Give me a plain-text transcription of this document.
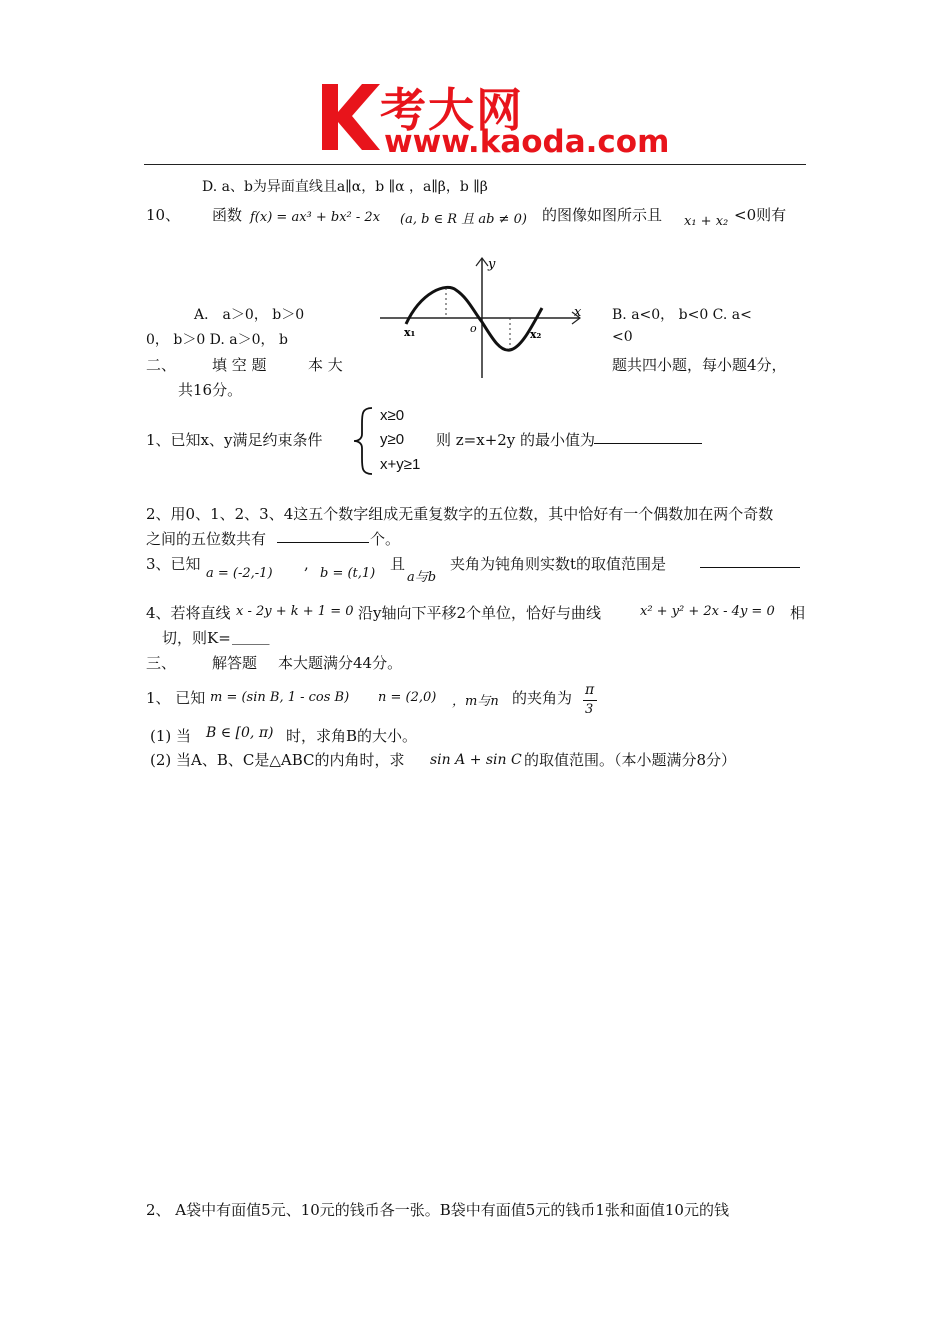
考大网
www.kaoda.com
D. a、b为异面直线且a∥α，b ∥α ，a∥β，b ∥β
10、 函数 f(x) = ax³ + bx² - 2x (a, b ∈ R 且 ab ≠ 0) 的图像如图所示且 x₁ + x₂ <0则有
x
y
x₁	x₂
o
A． a＞0， b＞0	B. a<0， b<0 C. a<
0， b＞0 D. a＞0， b	<0
二、 填 空 题	本 大	题共四小题，每小题4分，
共16分。
1、已知x、y满足约束条件
x≥0
y≥0
x+y≥1
则 z=x+2y 的最小值为
2、用0、1、2、3、4这五个数字组成无重复数字的五位数，其中恰好有一个偶数加在两个奇数
之间的五位数共有	个。
3、已知
a = (-2,-1)
,
b = (t,1)
且
a与b
夹角为钝角则实数t的取值范围是
4、若将直线 x - 2y + k + 1 = 0 沿y轴向下平移2个单位，恰好与曲线	x² + y² + 2x - 4y = 0 相
切，则K= _____
三、 解答题 本大题满分44分。
1、 已知 m = (sin B, 1 - cos B) n = (2,0) ，m与n 的夹角为 π
3
(1) 当 B ∈ [0, π) 时，求角B的大小。
(2) 当A、B、C是△ABC的内角时，求 sin A + sin C 的取值范围。（本小题满分8分）
2、 A袋中有面值5元、10元的钱币各一张。B袋中有面值5元的钱币1张和面值10元的钱
